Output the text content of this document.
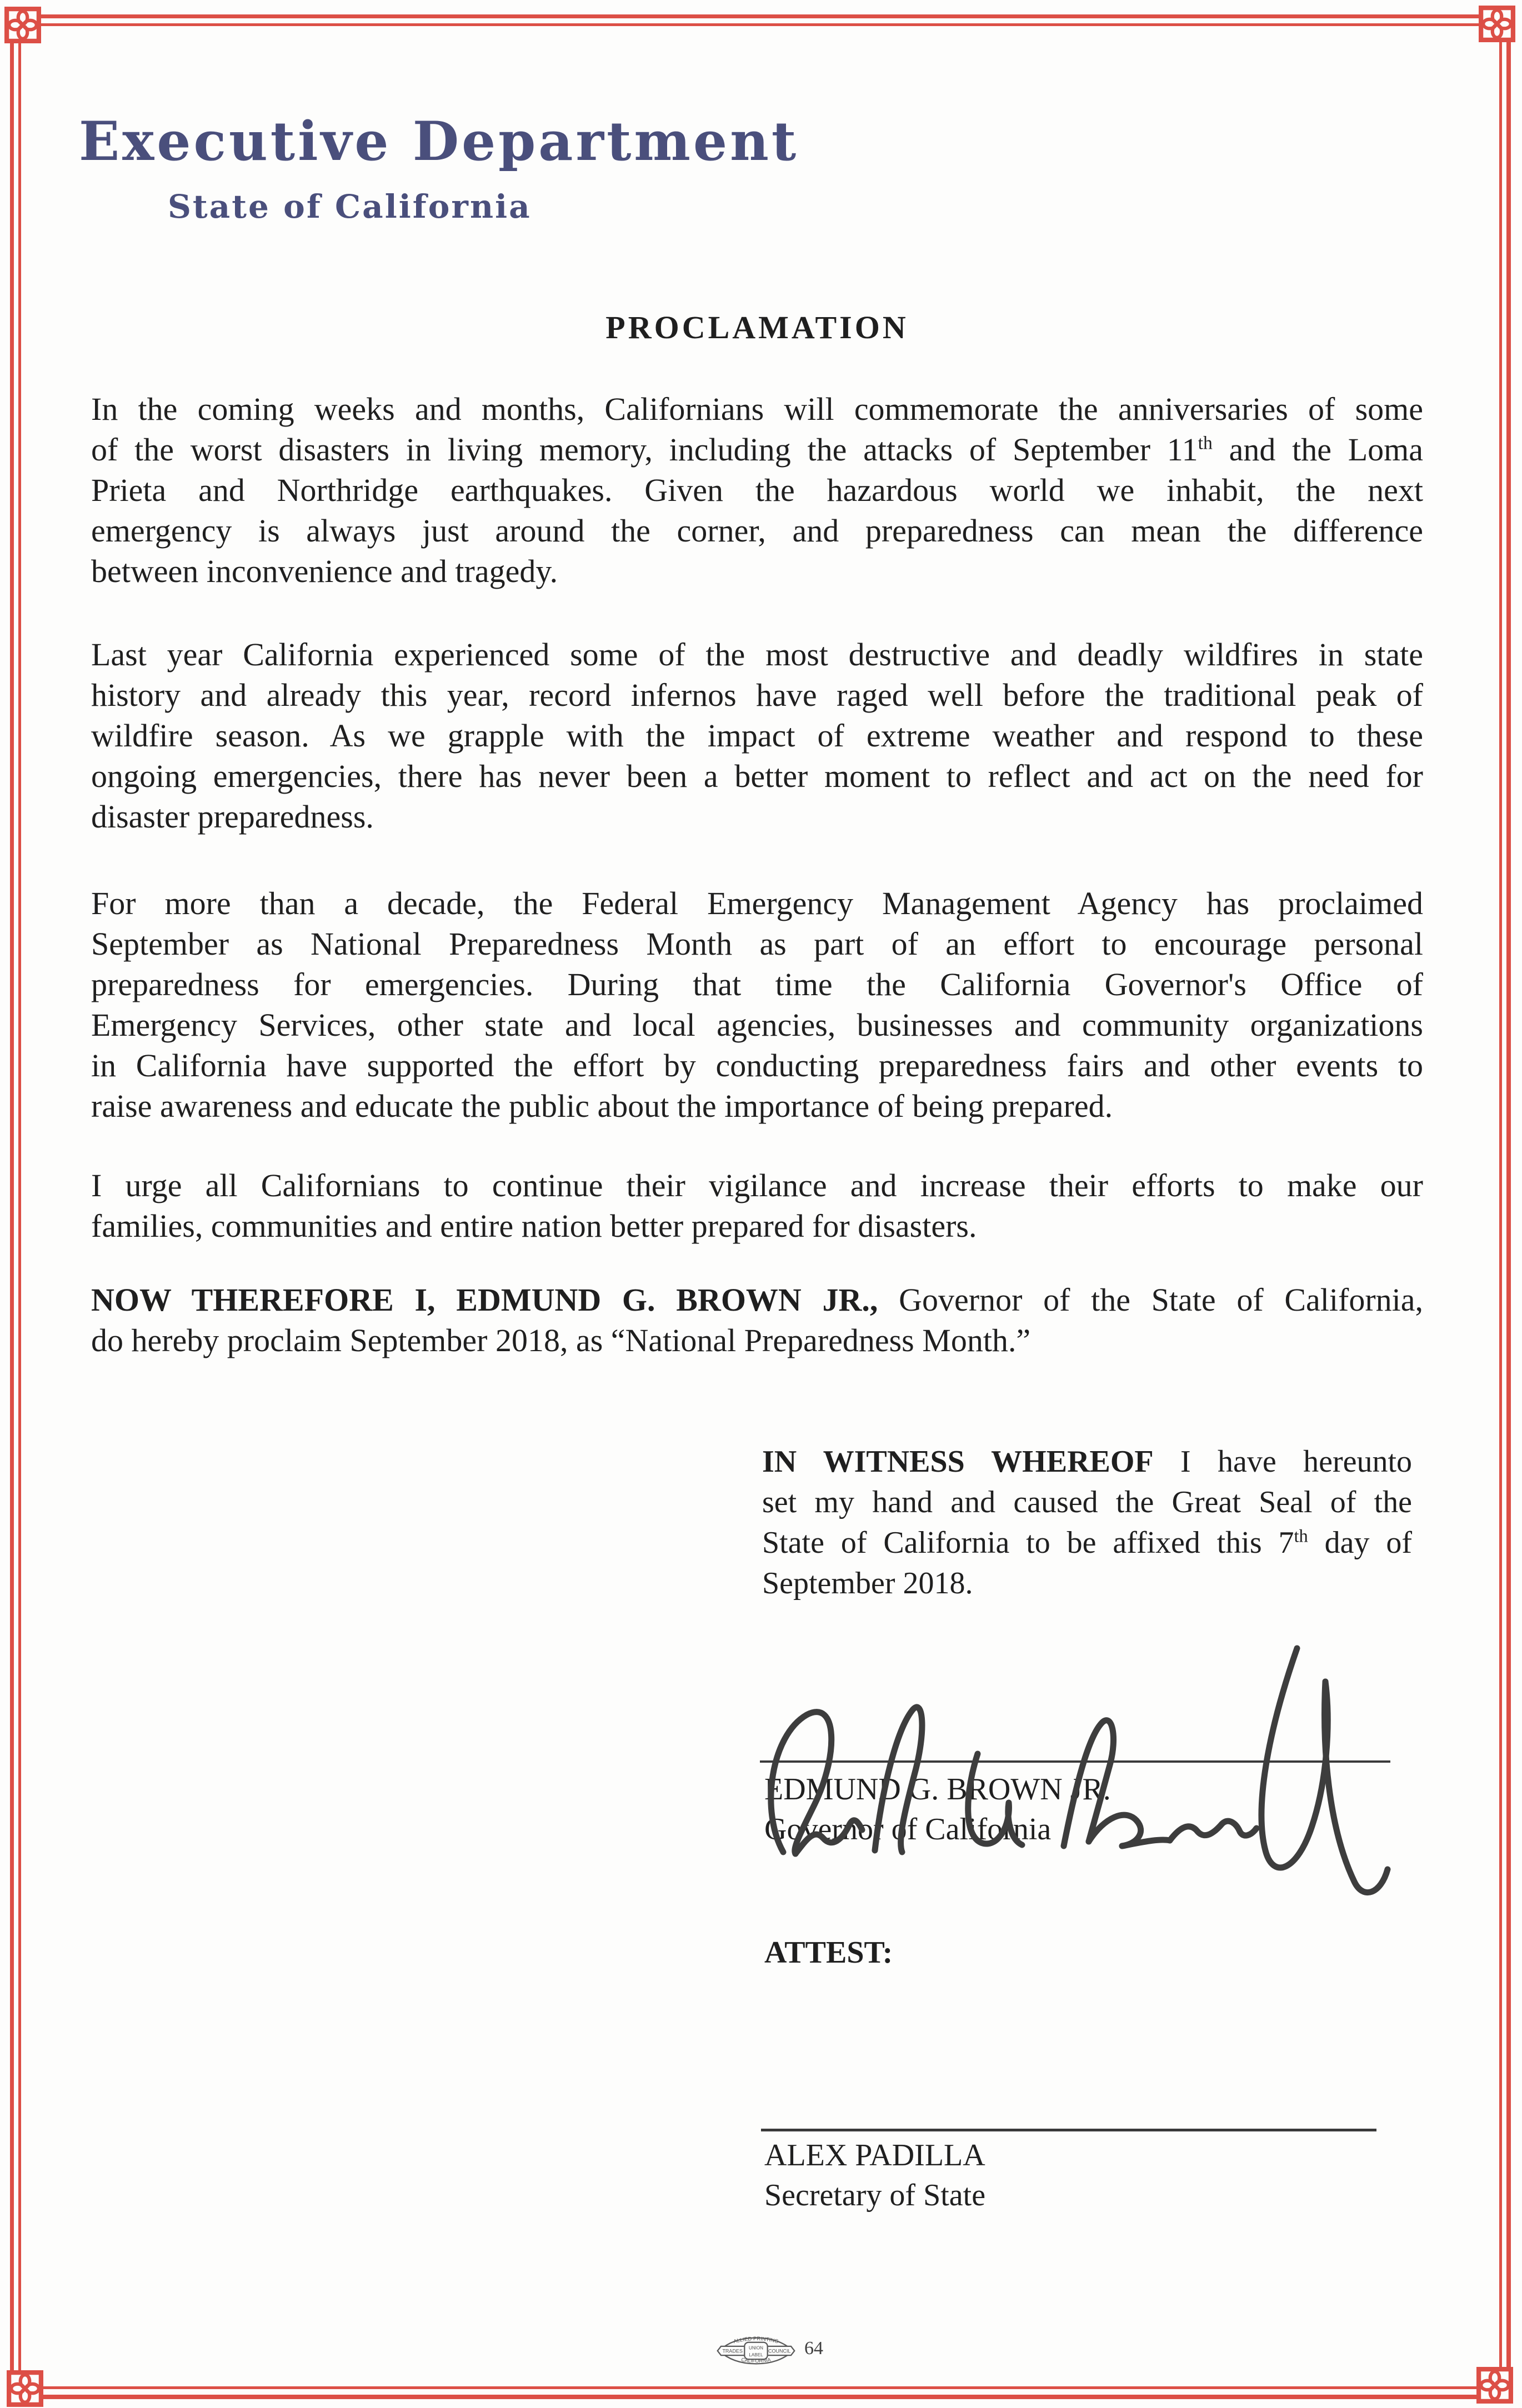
Executive Department
State of California
PROCLAMATION
In the coming weeks and months, Californians will commemorate the anniversaries of some
of the worst disasters in living memory, including the attacks of September 11th and the Loma
Prieta and Northridge earthquakes. Given the hazardous world we inhabit, the next
emergency is always just around the corner, and preparedness can mean the difference
between inconvenience and tragedy.
Last year California experienced some of the most destructive and deadly wildfires in state
history and already this year, record infernos have raged well before the traditional peak of
wildfire season. As we grapple with the impact of extreme weather and respond to these
ongoing emergencies, there has never been a better moment to reflect and act on the need for
disaster preparedness.
For more than a decade, the Federal Emergency Management Agency has proclaimed
September as National Preparedness Month as part of an effort to encourage personal
preparedness for emergencies. During that time the California Governor's Office of
Emergency Services, other state and local agencies, businesses and community organizations
in California have supported the effort by conducting preparedness fairs and other events to
raise awareness and educate the public about the importance of being prepared.
I urge all Californians to continue their vigilance and increase their efforts to make our
families, communities and entire nation better prepared for disasters.
NOW THEREFORE I, EDMUND G. BROWN JR., Governor of the State of California,
do hereby proclaim September 2018, as “National Preparedness Month.”
IN WITNESS WHEREOF I have hereunto
set my hand and caused the Great Seal of the
State of California to be affixed this 7th day of
September 2018.
EDMUND G. BROWN JR.
Governor of California
ATTEST:
ALEX PADILLA
Secretary of State
ALLIED PRINTING
TRADES
UNION
LABEL
COUNCIL
CALIFORNIA
64
